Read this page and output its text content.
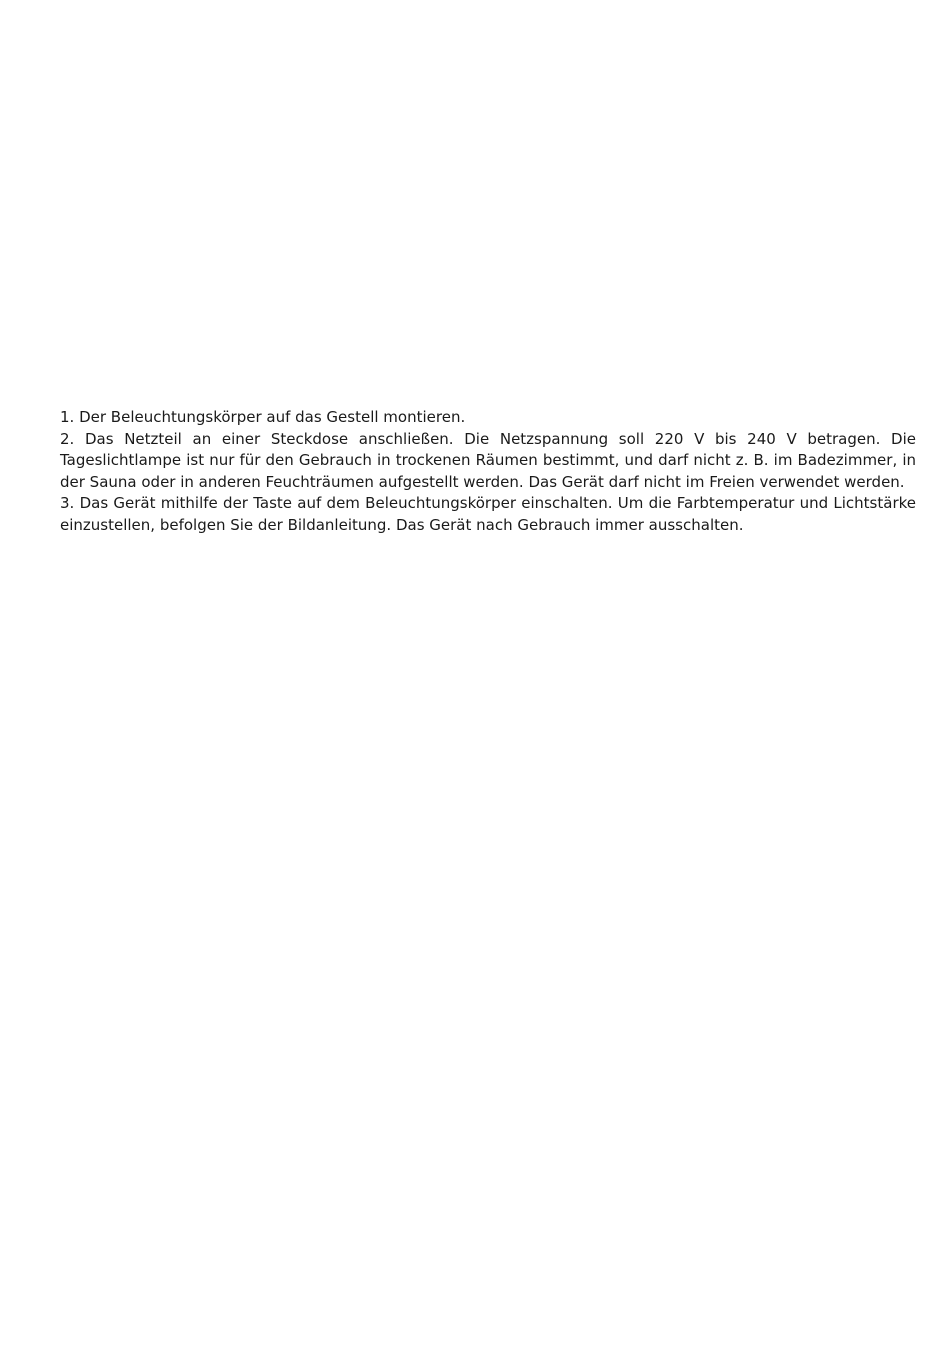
1. Der Beleuchtungskörper auf das Gestell montieren.

2. Das Netzteil an einer Steckdose anschließen. Die Netzspannung soll 220 V bis 240 V betragen. Die Tageslichtlampe ist nur für den Gebrauch in trockenen Räumen bestimmt, und darf nicht z. B. im Badezimmer, in der Sauna oder in anderen Feuchträumen aufgestellt werden. Das Gerät darf nicht im Freien verwendet werden.

3. Das Gerät mithilfe der Taste auf dem Beleuchtungskörper einschalten. Um die Farbtemperatur und Lichtstärke einzustellen, befolgen Sie der Bildanleitung. Das Gerät nach Gebrauch immer ausschalten.
